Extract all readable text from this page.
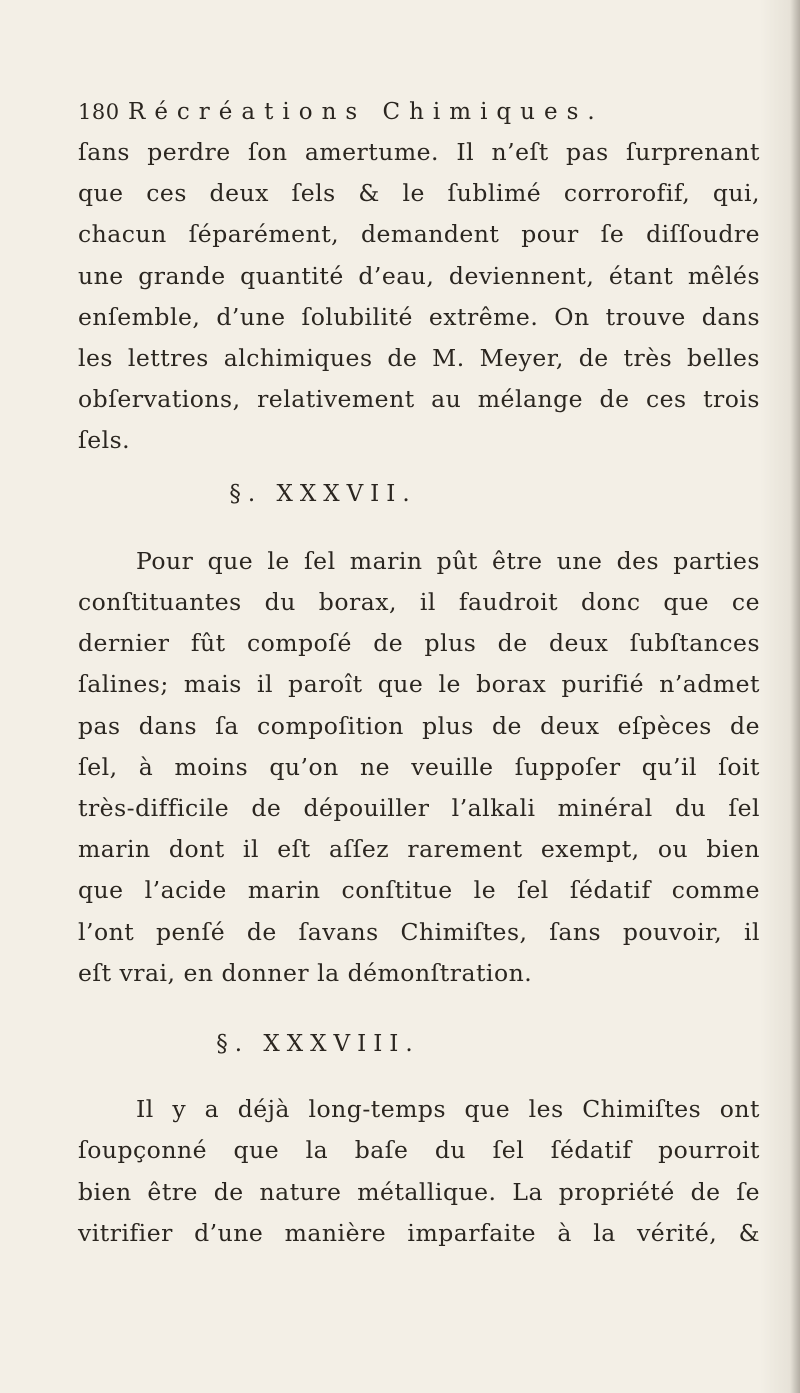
180 Récréations Chimiques.
ſans perdre ſon amertume. Il n’eſt pas ſurprenant
que ces deux ſels & le ſublimé corrorofif, qui,
chacun ſéparément, demandent pour ſe diſſoudre
une grande quantité d’eau, deviennent, étant mêlés
enſemble, d’une ſolubilité extrême. On trouve dans
les lettres alchimiques de M. Meyer, de très belles
obſervations, relativement au mélange de ces trois
ſels.
§. XXXVII.
Pour que le ſel marin pût être une des parties
conſtituantes du borax, il faudroit donc que ce
dernier fût compoſé de plus de deux ſubſtances
ſalines; mais il paroît que le borax purifié n’admet
pas dans ſa compoſition plus de deux eſpèces de
ſel, à moins qu’on ne veuille ſuppoſer qu’il ſoit
très-difficile de dépouiller l’alkali minéral du ſel
marin dont il eſt aſſez rarement exempt, ou bien
que l’acide marin conſtitue le ſel ſédatif comme
l’ont penſé de ſavans Chimiſtes, ſans pouvoir, il
eſt vrai, en donner la démonſtration.
§. XXXVIII.
Il y a déjà long-temps que les Chimiſtes ont
ſoupçonné que la baſe du ſel ſédatif pourroit
bien être de nature métallique. La propriété de ſe
vitrifier d’une manière imparfaite à la vérité, &
